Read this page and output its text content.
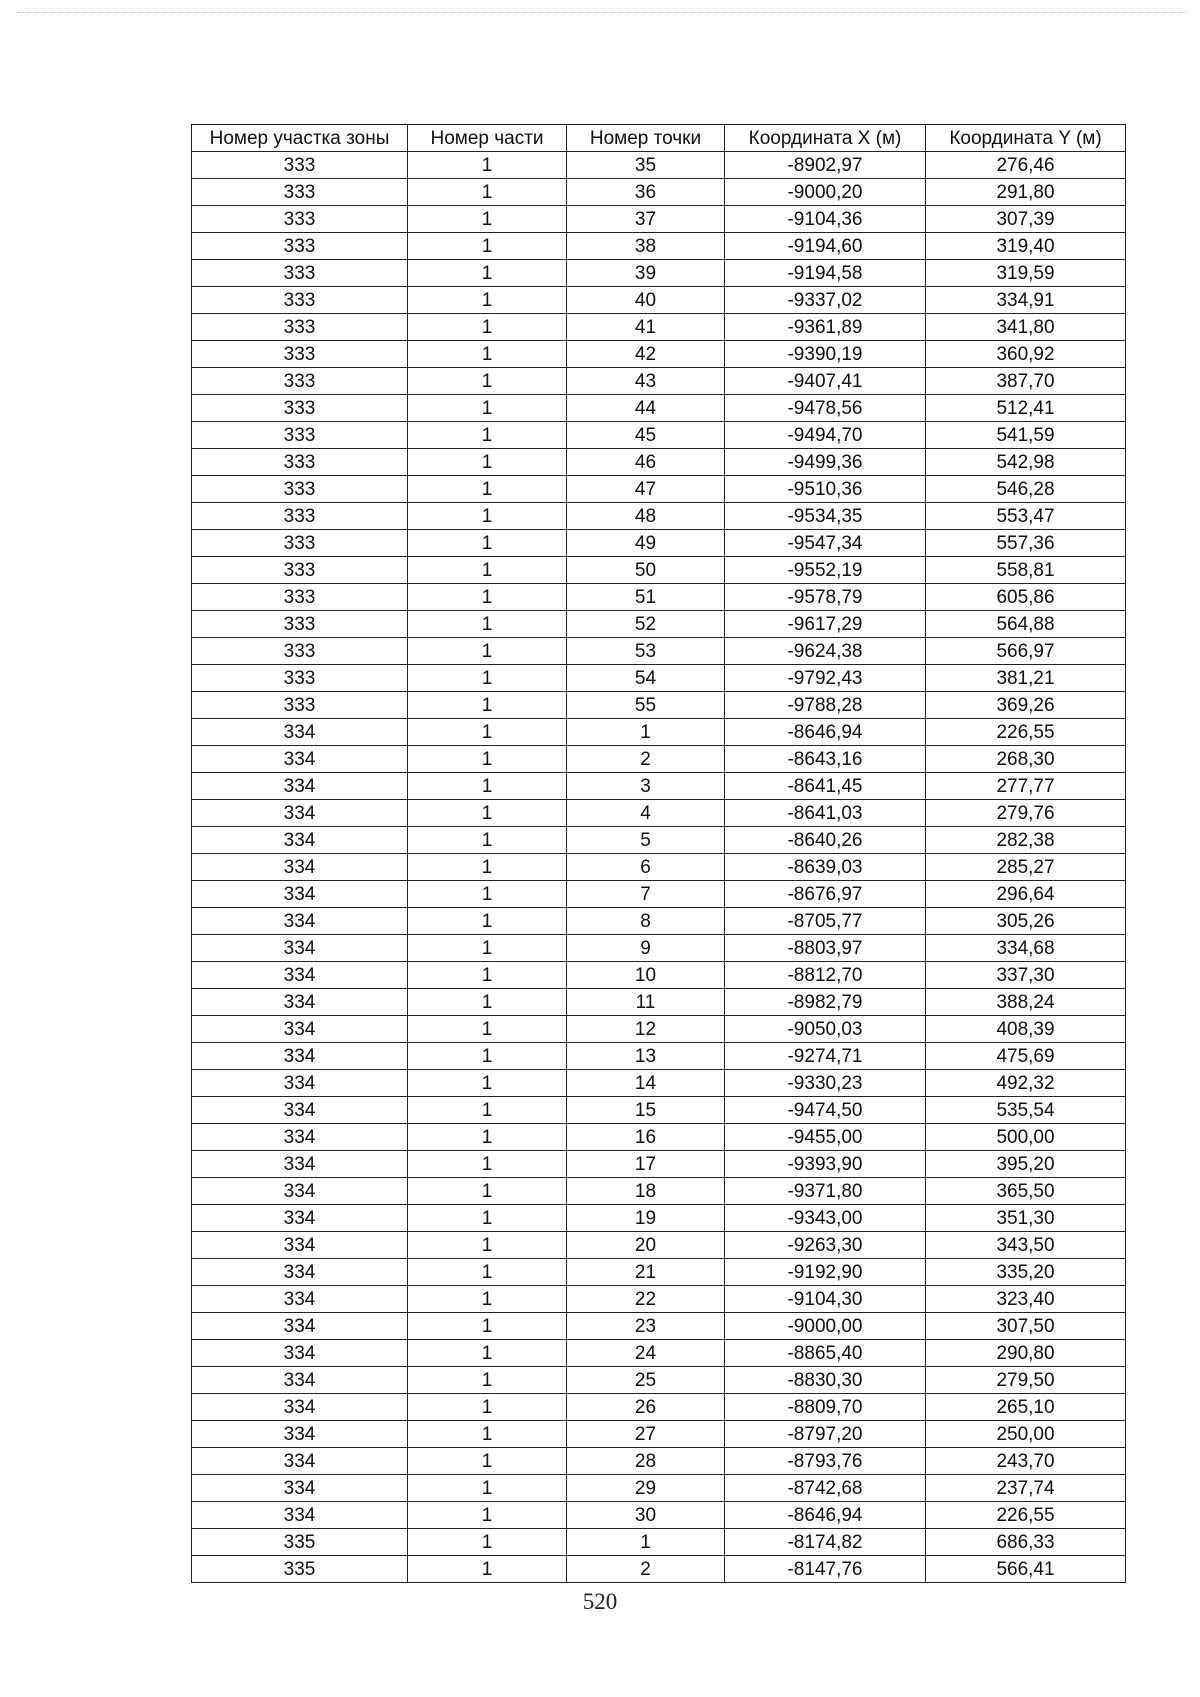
Номер участка зоны	Номер части	Номер точки	Координата X (м)	Координата Y (м)
333	1	35	-8902,97	276,46
333	1	36	-9000,20	291,80
333	1	37	-9104,36	307,39
333	1	38	-9194,60	319,40
333	1	39	-9194,58	319,59
333	1	40	-9337,02	334,91
333	1	41	-9361,89	341,80
333	1	42	-9390,19	360,92
333	1	43	-9407,41	387,70
333	1	44	-9478,56	512,41
333	1	45	-9494,70	541,59
333	1	46	-9499,36	542,98
333	1	47	-9510,36	546,28
333	1	48	-9534,35	553,47
333	1	49	-9547,34	557,36
333	1	50	-9552,19	558,81
333	1	51	-9578,79	605,86
333	1	52	-9617,29	564,88
333	1	53	-9624,38	566,97
333	1	54	-9792,43	381,21
333	1	55	-9788,28	369,26
334	1	1	-8646,94	226,55
334	1	2	-8643,16	268,30
334	1	3	-8641,45	277,77
334	1	4	-8641,03	279,76
334	1	5	-8640,26	282,38
334	1	6	-8639,03	285,27
334	1	7	-8676,97	296,64
334	1	8	-8705,77	305,26
334	1	9	-8803,97	334,68
334	1	10	-8812,70	337,30
334	1	11	-8982,79	388,24
334	1	12	-9050,03	408,39
334	1	13	-9274,71	475,69
334	1	14	-9330,23	492,32
334	1	15	-9474,50	535,54
334	1	16	-9455,00	500,00
334	1	17	-9393,90	395,20
334	1	18	-9371,80	365,50
334	1	19	-9343,00	351,30
334	1	20	-9263,30	343,50
334	1	21	-9192,90	335,20
334	1	22	-9104,30	323,40
334	1	23	-9000,00	307,50
334	1	24	-8865,40	290,80
334	1	25	-8830,30	279,50
334	1	26	-8809,70	265,10
334	1	27	-8797,20	250,00
334	1	28	-8793,76	243,70
334	1	29	-8742,68	237,74
334	1	30	-8646,94	226,55
335	1	1	-8174,82	686,33
335	1	2	-8147,76	566,41
520
